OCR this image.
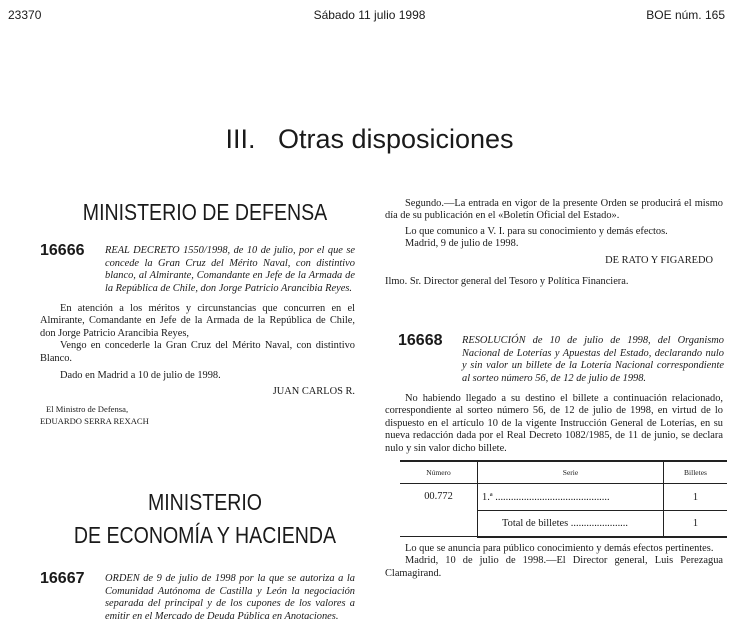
23370	Sábado 11 julio 1998	BOE núm. 165
III.   Otras disposiciones
MINISTERIO DE DEFENSA
16666 REAL DECRETO 1550/1998, de 10 de julio, por el que se concede la Gran Cruz del Mérito Naval, con distintivo blanco, al Almirante, Comandante en Jefe de la Armada de la República de Chile, don Jorge Patricio Arancibia Reyes.

En atención a los méritos y circunstancias que concurren en el Almirante, Comandante en Jefe de la Armada de la República de Chile, don Jorge Patricio Arancibia Reyes,

Vengo en concederle la Gran Cruz del Mérito Naval, con distintivo Blanco.

Dado en Madrid a 10 de julio de 1998.

JUAN CARLOS R.
El Ministro de Defensa,
EDUARDO SERRA REXACH
MINISTERIO
DE ECONOMÍA Y HACIENDA
16667 ORDEN de 9 de julio de 1998 por la que se autoriza a la Comunidad Autónoma de Castilla y León la negociación separada del principal y de los cupones de los valores a emitir en el Mercado de Deuda Pública en Anotaciones.

Segundo.—La entrada en vigor de la presente Orden se producirá el mismo día de su publicación en el «Boletín Oficial del Estado».

Lo que comunico a V. I. para su conocimiento y demás efectos.

Madrid, 9 de julio de 1998.

DE RATO Y FIGAREDO
Ilmo. Sr. Director general del Tesoro y Política Financiera.
16668 RESOLUCIÓN de 10 de julio de 1998, del Organismo Nacional de Loterías y Apuestas del Estado, declarando nulo y sin valor un billete de la Lotería Nacional correspondiente al sorteo número 56, de 12 de julio de 1998.

No habiendo llegado a su destino el billete a continuación relacionado, correspondiente al sorteo número 56, de 12 de julio de 1998, en virtud de lo dispuesto en el artículo 10 de la vigente Instrucción General de Loterías, en su nueva redacción dada por el Real Decreto 1082/1985, de 11 de junio, se declara nulo y sin valor dicho billete.

Número	Serie	Billetes
00.772	1.ª ............................................	1
	Total de billetes ......................	1

Lo que se anuncia para público conocimiento y demás efectos pertinentes.

Madrid, 10 de julio de 1998.—El Director general, Luis Perezagua Clamagirand.
